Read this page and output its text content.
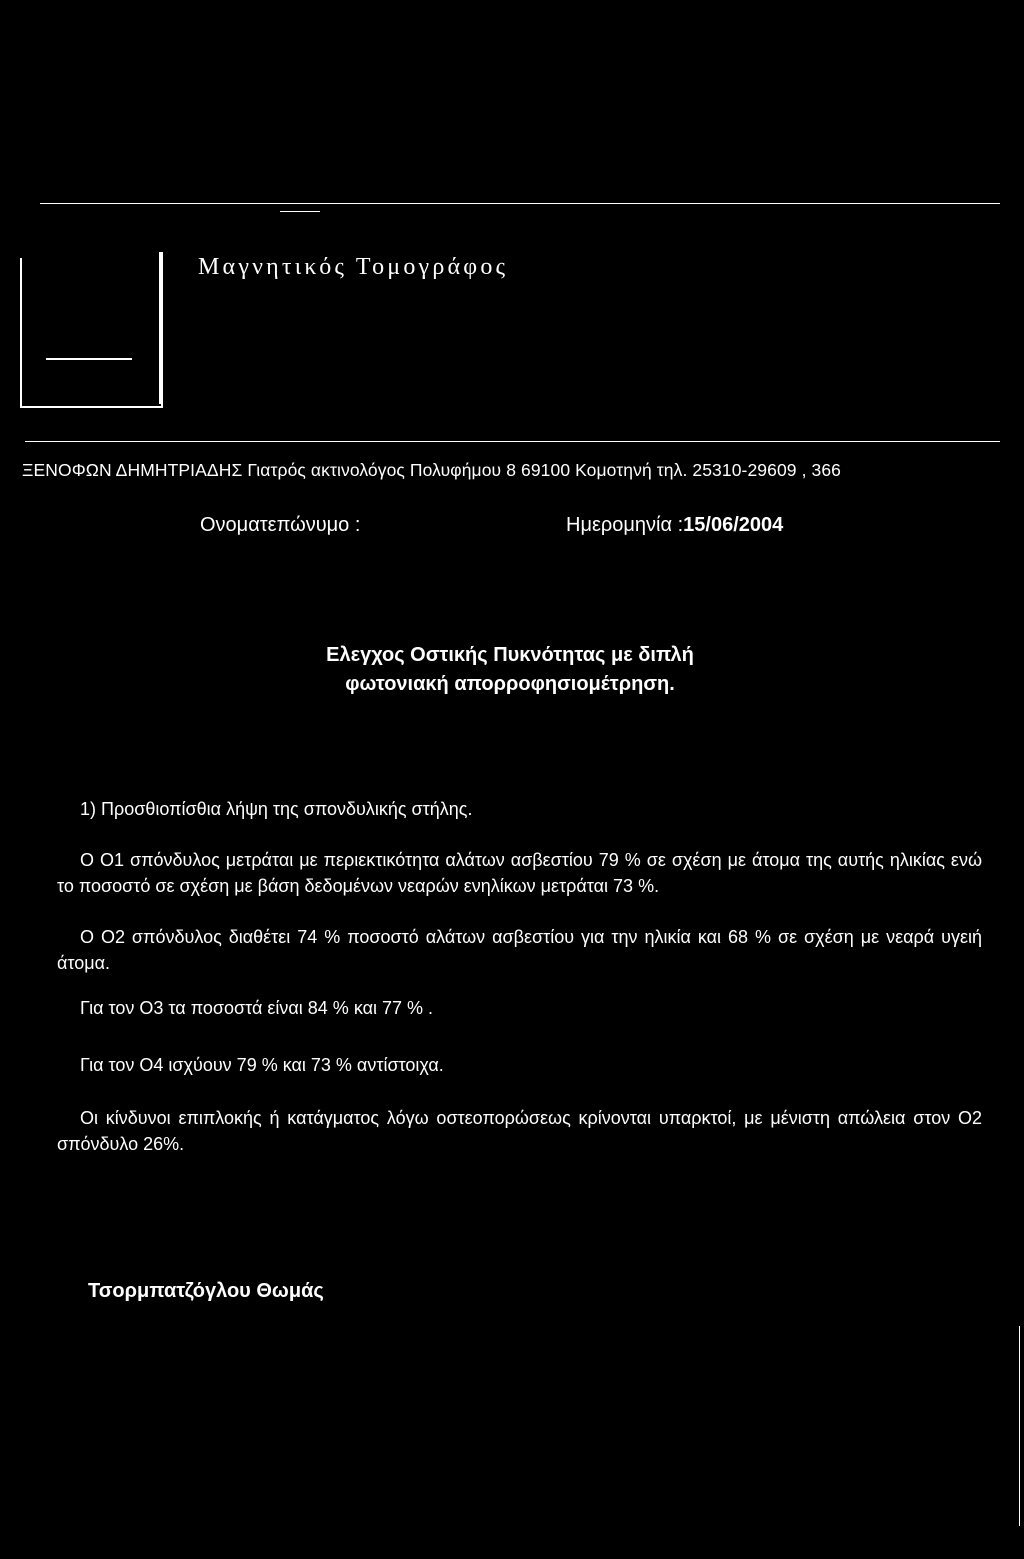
Μαγνητικός Τομογράφος
ΞΕΝΟΦΩΝ ΔΗΜΗΤΡΙΑΔΗΣ Γιατρός ακτινολόγος Πολυφήμου 8 69100 Κομοτηνή τηλ. 25310-29609 , 366
Ονοματεπώνυμο :	Ημερομηνία :15/06/2004
Ελεγχος Οστικής Πυκνότητας με διπλή φωτονιακή απορροφησιομέτρηση.
1) Προσθιοπίσθια λήψη της σπονδυλικής στήλης.
Ο Ο1 σπόνδυλος μετράται με περιεκτικότητα αλάτων ασβεστίου 79 % σε σχέση με άτομα της αυτής ηλικίας ενώ το ποσοστό σε σχέση με βάση δεδομένων νεαρών ενηλίκων μετράται 73 %.
Ο Ο2 σπόνδυλος διαθέτει 74 % ποσοστό αλάτων ασβεστίου για την ηλικία και 68 % σε σχέση με νεαρά υγειή άτομα.
Για τον Ο3 τα ποσοστά είναι 84 % και 77 % .
Για τον Ο4 ισχύουν 79 % και 73 % αντίστοιχα.
Οι κίνδυνοι επιπλοκής ή κατάγματος λόγω οστεοπορώσεως κρίνονται υπαρκτοί, με μένιστη απώλεια στον Ο2 σπόνδυλο 26%.
Τσορμπατζόγλου Θωμάς
